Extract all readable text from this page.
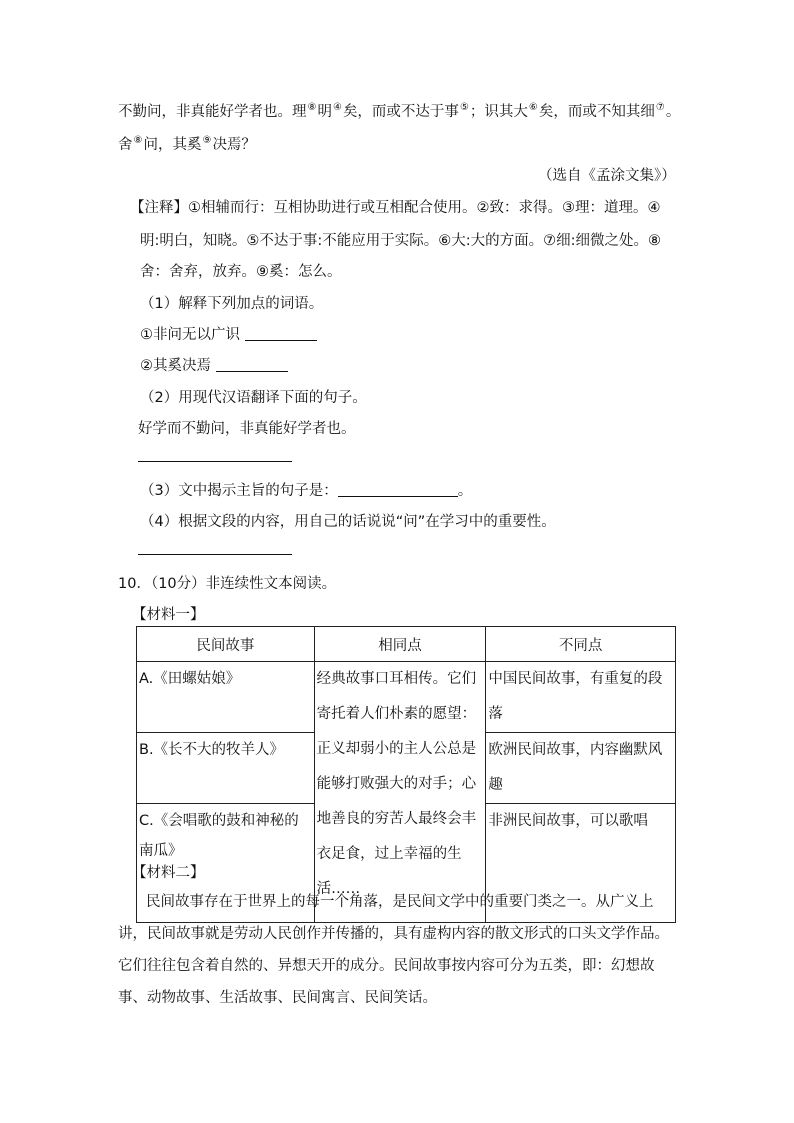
不勤问，非真能好学者也。理⑧明④矣，而或不达于事⑤；识其大⑥矣，而或不知其细⑦。
舍⑧问，其奚⑨决焉？
（选自《孟涂文集》）
【注释】①相辅而行：互相协助进行或互相配合使用。②致：求得。③理：道理。④
明:明白，知晓。⑤不达于事:不能应用于实际。⑥大:大的方面。⑦细:细微之处。⑧
舍：舍弃，放弃。⑨奚：怎么。
（1）解释下列加点的词语。
①非问无以广识
②其奚决焉
（2）用现代汉语翻译下面的句子。
好学而不勤问，非真能好学者也。
（3）文中揭示主旨的句子是：	。
（4）根据文段的内容，用自己的话说说“问”在学习中的重要性。
10．（10分）非连续性文本阅读。
【材料一】
民间故事	相同点	不同点
A.《田螺姑娘》	经典故事口耳相传。它们寄托着人们朴素的愿望：正义却弱小的主人公总是能够打败强大的对手；心地善良的穷苦人最终会丰衣足食，过上幸福的生活……	中国民间故事，有重复的段落
B.《长不大的牧羊人》		欧洲民间故事，内容幽默风趣
C.《会唱歌的鼓和神秘的南瓜》		非洲民间故事，可以歌唱
【材料二】
民间故事存在于世界上的每一个角落，是民间文学中的重要门类之一。从广义上讲，民间故事就是劳动人民创作并传播的，具有虚构内容的散文形式的口头文学作品。它们往往包含着自然的、异想天开的成分。民间故事按内容可分为五类，即：幻想故事、动物故事、生活故事、民间寓言、民间笑话。
